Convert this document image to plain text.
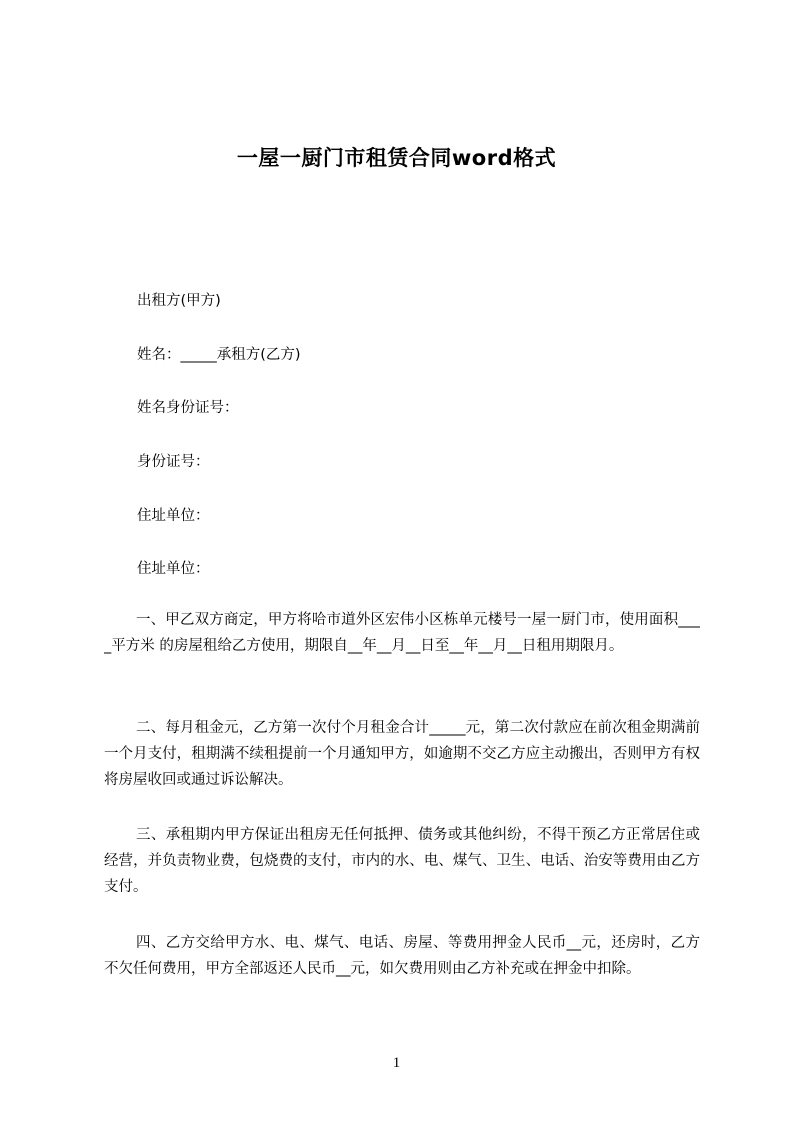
一屋一厨门市租赁合同word格式
出租方(甲方)
姓名：_____承租方(乙方)
姓名身份证号：
身份证号：
住址单位：
住址单位：
一、甲乙双方商定，甲方将哈市道外区宏伟小区栋单元楼号一屋一厨门市，使用面积____平方米 的房屋租给乙方使用，期限自__年__月__日至__年__月__日租用期限月。
二、每月租金元，乙方第一次付个月租金合计_____元，第二次付款应在前次租金期满前一个月支付，租期满不续租提前一个月通知甲方，如逾期不交乙方应主动搬出，否则甲方有权将房屋收回或通过诉讼解决。
三、承租期内甲方保证出租房无任何抵押、债务或其他纠纷，不得干预乙方正常居住或经营，并负责物业费，包烧费的支付，市内的水、电、煤气、卫生、电话、治安等费用由乙方支付。
四、乙方交给甲方水、电、煤气、电话、房屋、等费用押金人民币__元，还房时，乙方不欠任何费用，甲方全部返还人民币__元，如欠费用则由乙方补充或在押金中扣除。
1
